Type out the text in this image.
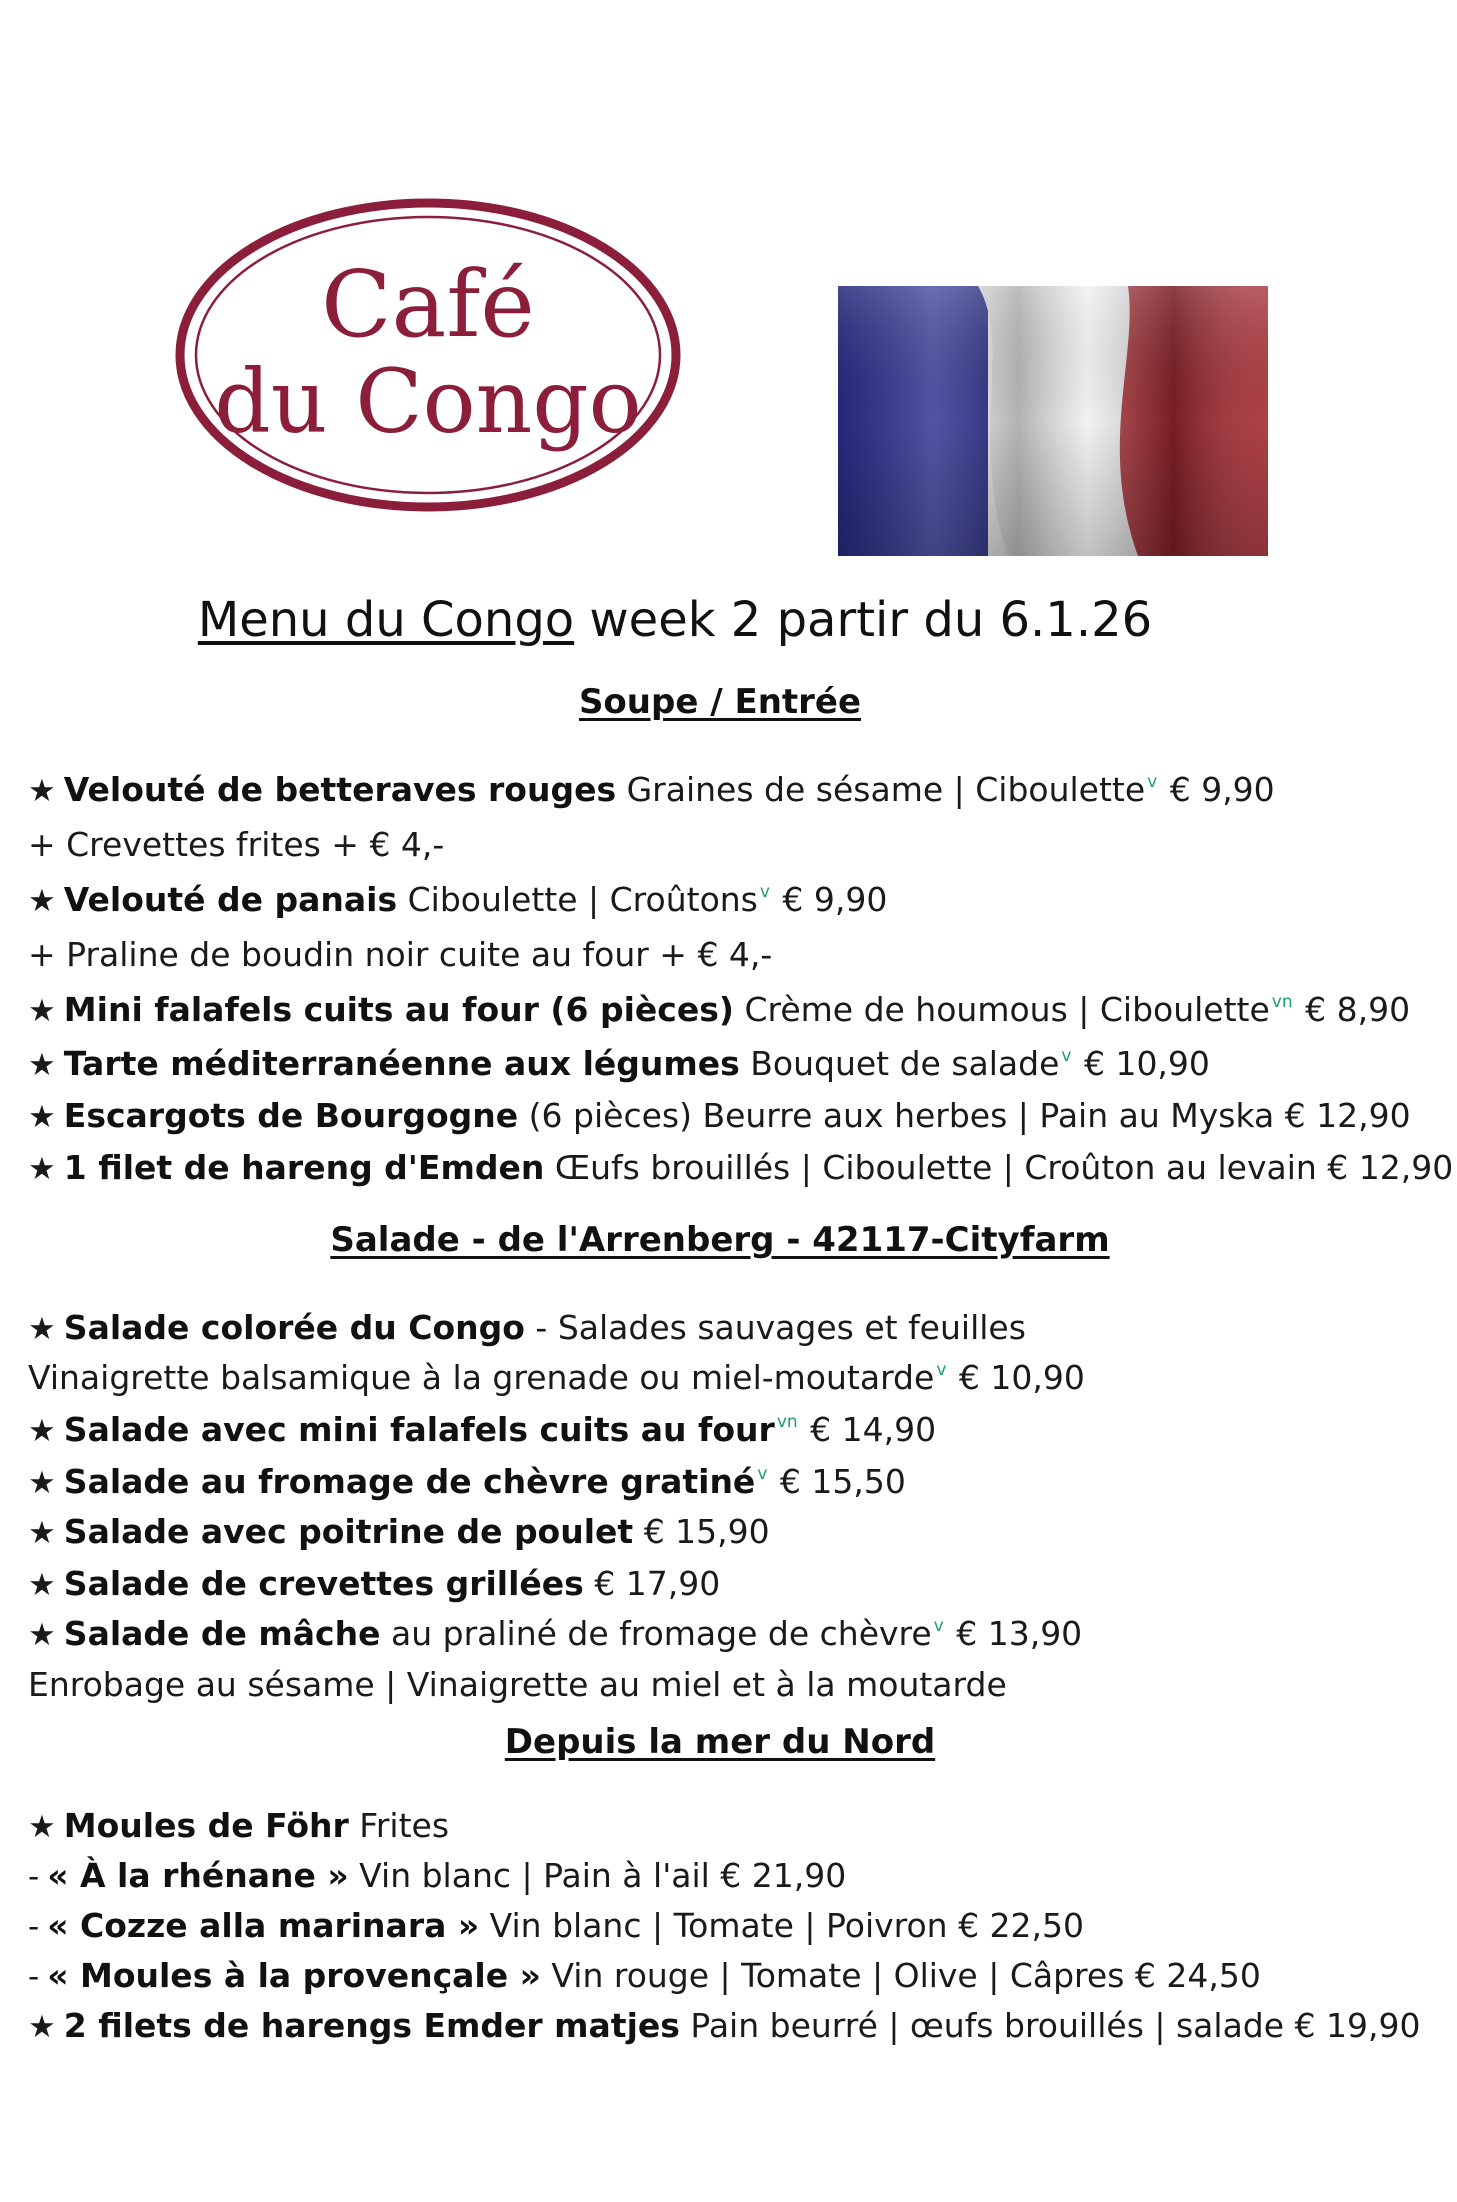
Café
du Congo
Menu du Congo week 2 partir du 6.1.26
Soupe / Entrée
Salade - de l'Arrenberg - 42117-Cityfarm
Depuis la mer du Nord
★ Velouté de betteraves rouges Graines de sésame | Ciboulette $^v$ € 9,90
+ Crevettes frites + € 4,-
★ Velouté de panais Ciboulette | Croûtons $^v$ € 9,90
+ Praline de boudin noir cuite au four + € 4,-
★ Mini falafels cuits au four (6 pièces) Crème de houmous | Ciboulette $^{vn}$ € 8,90
★ Tarte méditerranéenne aux légumes Bouquet de salade $^v$ € 10,90
★ Escargots de Bourgogne (6 pièces) Beurre aux herbes | Pain au Myska € 12,90
★ 1 filet de hareng d'Emden Œufs brouillés | Ciboulette | Croûton au levain € 12,90
★ Salade colorée du Congo - Salades sauvages et feuilles
Vinaigrette balsamique à la grenade ou miel-moutarde $^v$ € 10,90
★ Salade avec mini falafels cuits au four $^{vn}$ € 14,90
★ Salade au fromage de chèvre gratiné $^v$ € 15,50
★ Salade avec poitrine de poulet € 15,90
★ Salade de crevettes grillées € 17,90
★ Salade de mâche au praliné de fromage de chèvre $^v$ € 13,90
Enrobage au sésame | Vinaigrette au miel et à la moutarde
★ Moules de Föhr Frites
- « À la rhénane » Vin blanc | Pain à l'ail € 21,90
- « Cozze alla marinara » Vin blanc | Tomate | Poivron € 22,50
- « Moules à la provençale » Vin rouge | Tomate | Olive | Câpres € 24,50
★ 2 filets de harengs Emder matjes Pain beurré | œufs brouillés | salade € 19,90
